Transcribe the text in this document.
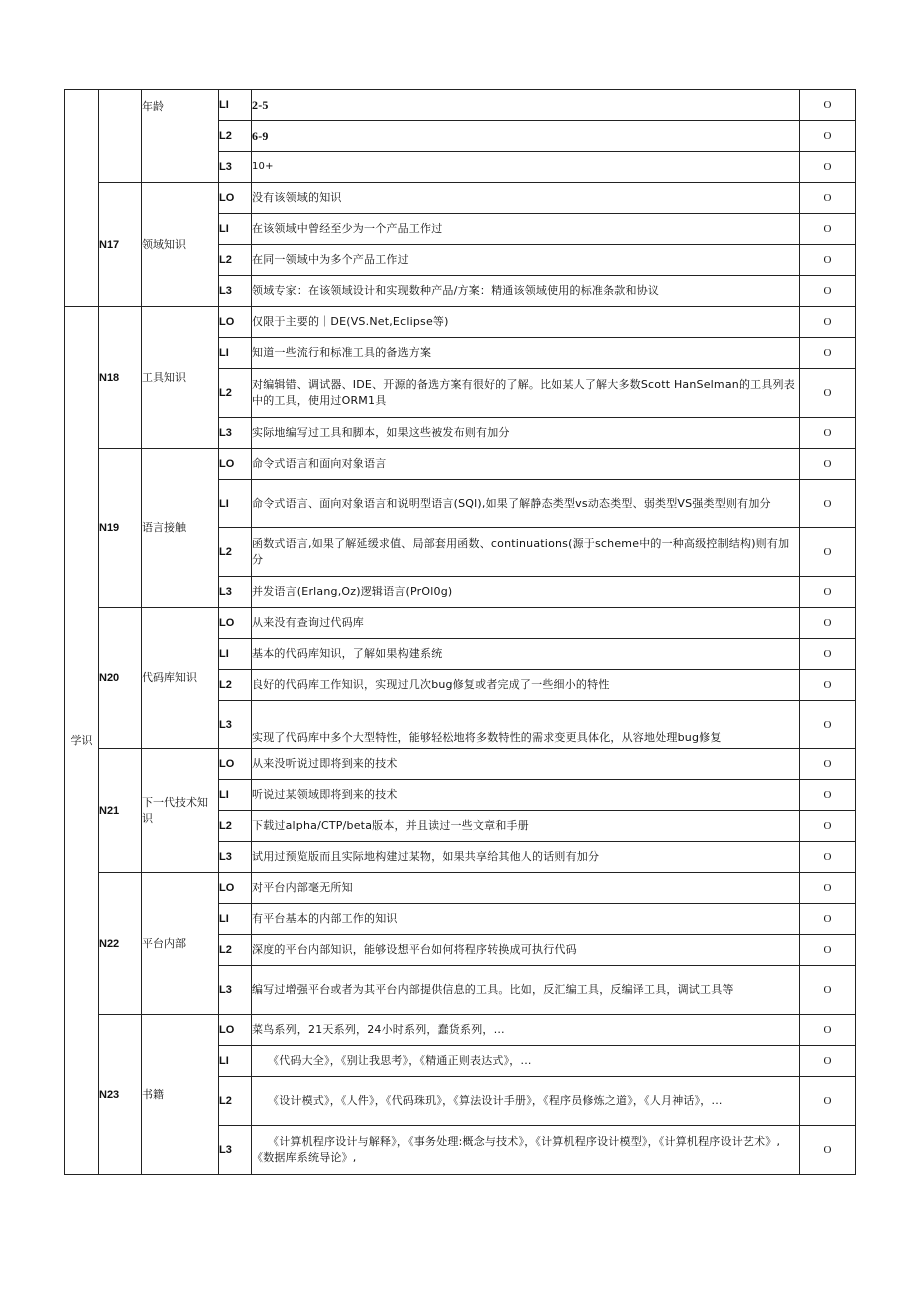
		年龄	LI	2-5	O
			L2	6-9	O
			L3	10+	O
	N17	领域知识	LO	没有该领域的知识	O
			LI	在该领域中曾经至少为一个产品工作过	O
			L2	在同一领域中为多个产品工作过	O
			L3	领域专家：在该领域设计和实现数种产品/方案：精通该领域使用的标准条款和协议	O
学识	N18	工具知识	LO	仅限于主要的｜DE(VS.Net,Eclipse等)	O
			LI	知道一些流行和标准工具的备选方案	O
			L2	对编辑错、调试器、IDE、开源的备选方案有很好的了解。比如某人了解大多数Scott HanSelman的工具列表中的工具，使用过ORM1具	O
			L3	实际地编写过工具和脚本，如果这些被发布则有加分	O
	N19	语言接触	LO	命令式语言和面向对象语言	O
			LI	命令式语言、面向对象语言和说明型语言(SQl),如果了解静态类型vs动态类型、弱类型VS强类型则有加分	O
			L2	函数式语言,如果了解延缓求值、局部套用函数、continuations(源于scheme中的一种高级控制结构)则有加分	O
			L3	并发语言(Erlang,Oz)逻辑语言(PrOl0g)	O
	N20	代码库知识	LO	从来没有查询过代码库	O
			LI	基本的代码库知识，了解如果构建系统	O
			L2	良好的代码库工作知识，实现过几次bug修复或者完成了一些细小的特性	O
			L3	实现了代码库中多个大型特性，能够轻松地将多数特性的需求变更具体化，从容地处理bug修复	O
	N21	下一代技术知识	LO	从来没听说过即将到来的技术	O
			LI	听说过某领域即将到来的技术	O
			L2	下载过alpha/CTP/beta版本，并且读过一些文章和手册	O
			L3	试用过预览版而且实际地构建过某物，如果共享给其他人的话则有加分	O
	N22	平台内部	LO	对平台内部毫无所知	O
			LI	有平台基本的内部工作的知识	O
			L2	深度的平台内部知识，能够设想平台如何将程序转换成可执行代码	O
			L3	编写过增强平台或者为其平台内部提供信息的工具。比如，反汇编工具，反编译工具，调试工具等	O
	N23	书籍	LO	菜鸟系列，21天系列，24小时系列，蠢货系列，…	O
			LI	《代码大全》，《别让我思考》，《精通正则表达式》，...	O
			L2	《设计模式》，《人件》，《代码珠玑》，《算法设计手册》，《程序员修炼之道》，《人月神话》，...	O
			L3	《计算机程序设计与解释》，《事务处理:概念与技术》，《计算机程序设计模型》，《计算机程序设计艺术》,《数据库系统导论》,	O
